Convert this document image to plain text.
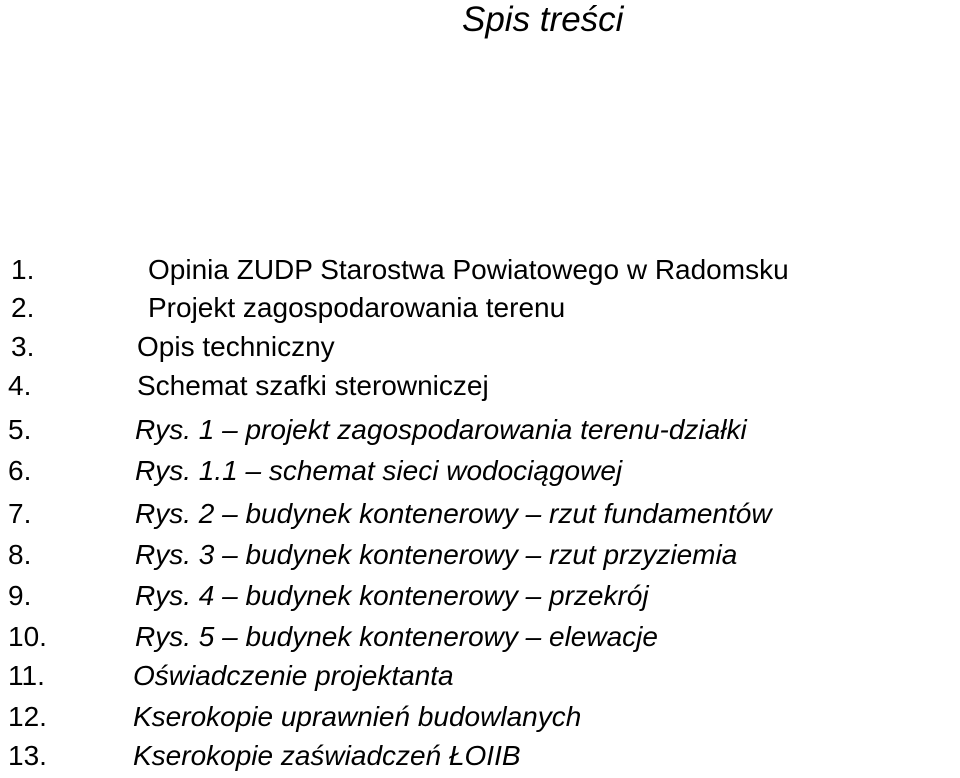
Spis treści
1.	Opinia ZUDP Starostwa Powiatowego w Radomsku
2.	Projekt zagospodarowania terenu
3.	Opis techniczny
4.	Schemat szafki sterowniczej
5.	Rys. 1 – projekt zagospodarowania terenu-działki
6.	Rys. 1.1 – schemat sieci wodociągowej
7.	Rys. 2 – budynek kontenerowy – rzut fundamentów
8.	Rys. 3 – budynek kontenerowy – rzut przyziemia
9.	Rys. 4 – budynek kontenerowy – przekrój
10.	Rys. 5 – budynek kontenerowy – elewacje
11.	Oświadczenie projektanta
12.	Kserokopie uprawnień budowlanych
13.	Kserokopie zaświadczeń ŁOIIB
